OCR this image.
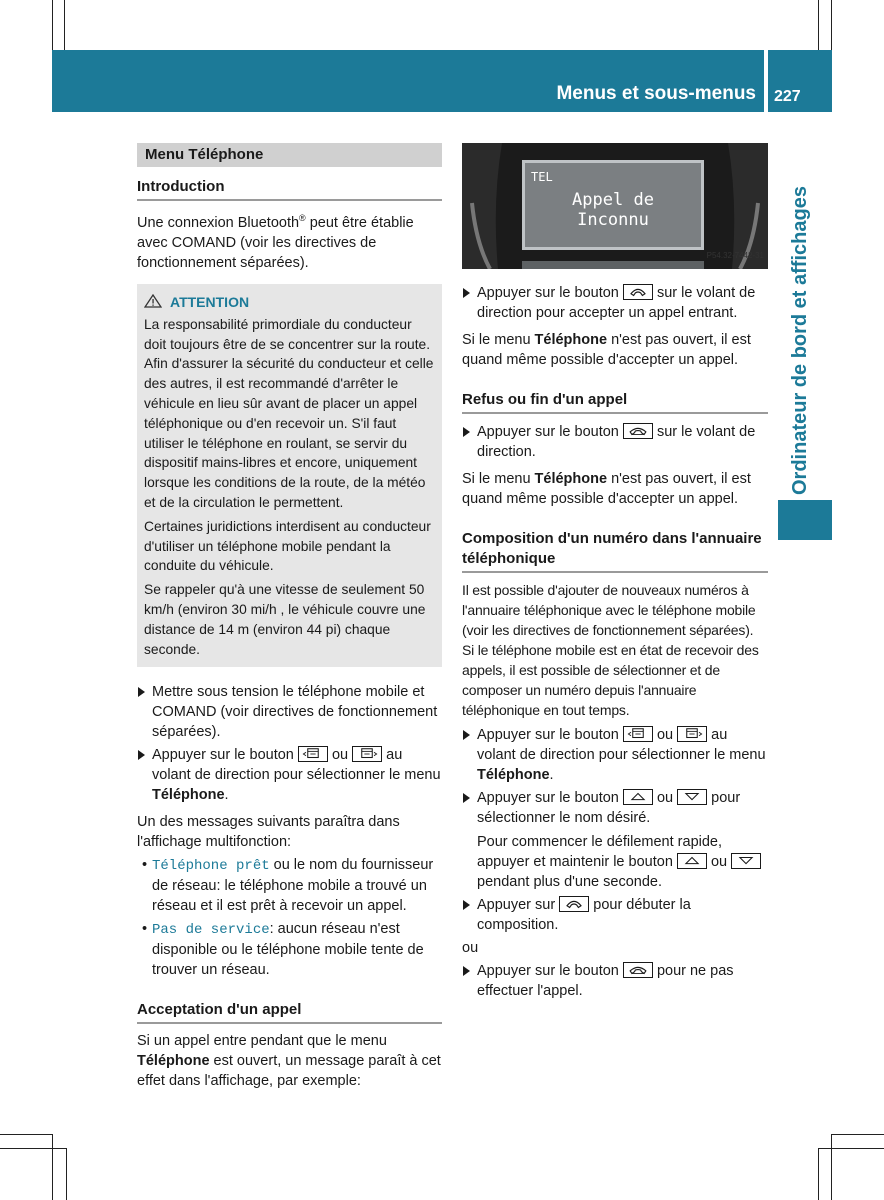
Menus et sous-menus 227
Ordinateur de bord et affichages
Menu Téléphone
Introduction

Une connexion Bluetooth® peut être établie avec COMAND (voir les directives de fonctionnement séparées).

ATTENTION

La responsabilité primordiale du conducteur doit toujours être de se concentrer sur la route. Afin d'assurer la sécurité du conducteur et celle des autres, il est recommandé d'arrêter le véhicule en lieu sûr avant de placer un appel téléphonique ou d'en recevoir un. S'il faut utiliser le téléphone en roulant, se servir du dispositif mains-libres et encore, uniquement lorsque les conditions de la route, de la météo et de la circulation le permettent.

Certaines juridictions interdisent au conducteur d'utiliser un téléphone mobile pendant la conduite du véhicule.

Se rappeler qu'à une vitesse de seulement 50 km/h (environ 30 mi/h , le véhicule couvre une distance de 14 m (environ 44 pi) chaque seconde.

Mettre sous tension le téléphone mobile et COMAND (voir directives de fonctionnement séparées).

Appuyer sur le bouton	ou	au volant de direction pour sélectionner le menu Téléphone.

Un des messages suivants paraîtra dans l'affichage multifonction:

• Téléphone prêt ou le nom du fournisseur de réseau: le téléphone mobile a trouvé un réseau et il est prêt à recevoir un appel.

• Pas de service: aucun réseau n'est disponible ou le téléphone mobile tente de trouver un réseau.

Acceptation d'un appel

Si un appel entre pendant que le menu Téléphone est ouvert, un message paraît à cet effet dans l'affichage, par exemple:

TEL
Appel de
Inconnu
P54.32-7442-31

Appuyer sur le bouton	sur le volant de direction pour accepter un appel entrant.

Si le menu Téléphone n'est pas ouvert, il est quand même possible d'accepter un appel.

Refus ou fin d'un appel

Appuyer sur le bouton	sur le volant de direction.

Si le menu Téléphone n'est pas ouvert, il est quand même possible d'accepter un appel.

Composition d'un numéro dans l'annuaire téléphonique

Il est possible d'ajouter de nouveaux numéros à l'annuaire téléphonique avec le téléphone mobile (voir les directives de fonctionnement séparées). Si le téléphone mobile est en état de recevoir des appels, il est possible de sélectionner et de composer un numéro depuis l'annuaire téléphonique en tout temps.

Appuyer sur le bouton	ou	au volant de direction pour sélectionner le menu Téléphone.

Appuyer sur le bouton	ou	pour sélectionner le nom désiré.

Pour commencer le défilement rapide, appuyer et maintenir le bouton	ou
pendant plus d'une seconde.

Appuyer sur	pour débuter la composition.

ou

Appuyer sur le bouton	pour ne pas effectuer l'appel.
